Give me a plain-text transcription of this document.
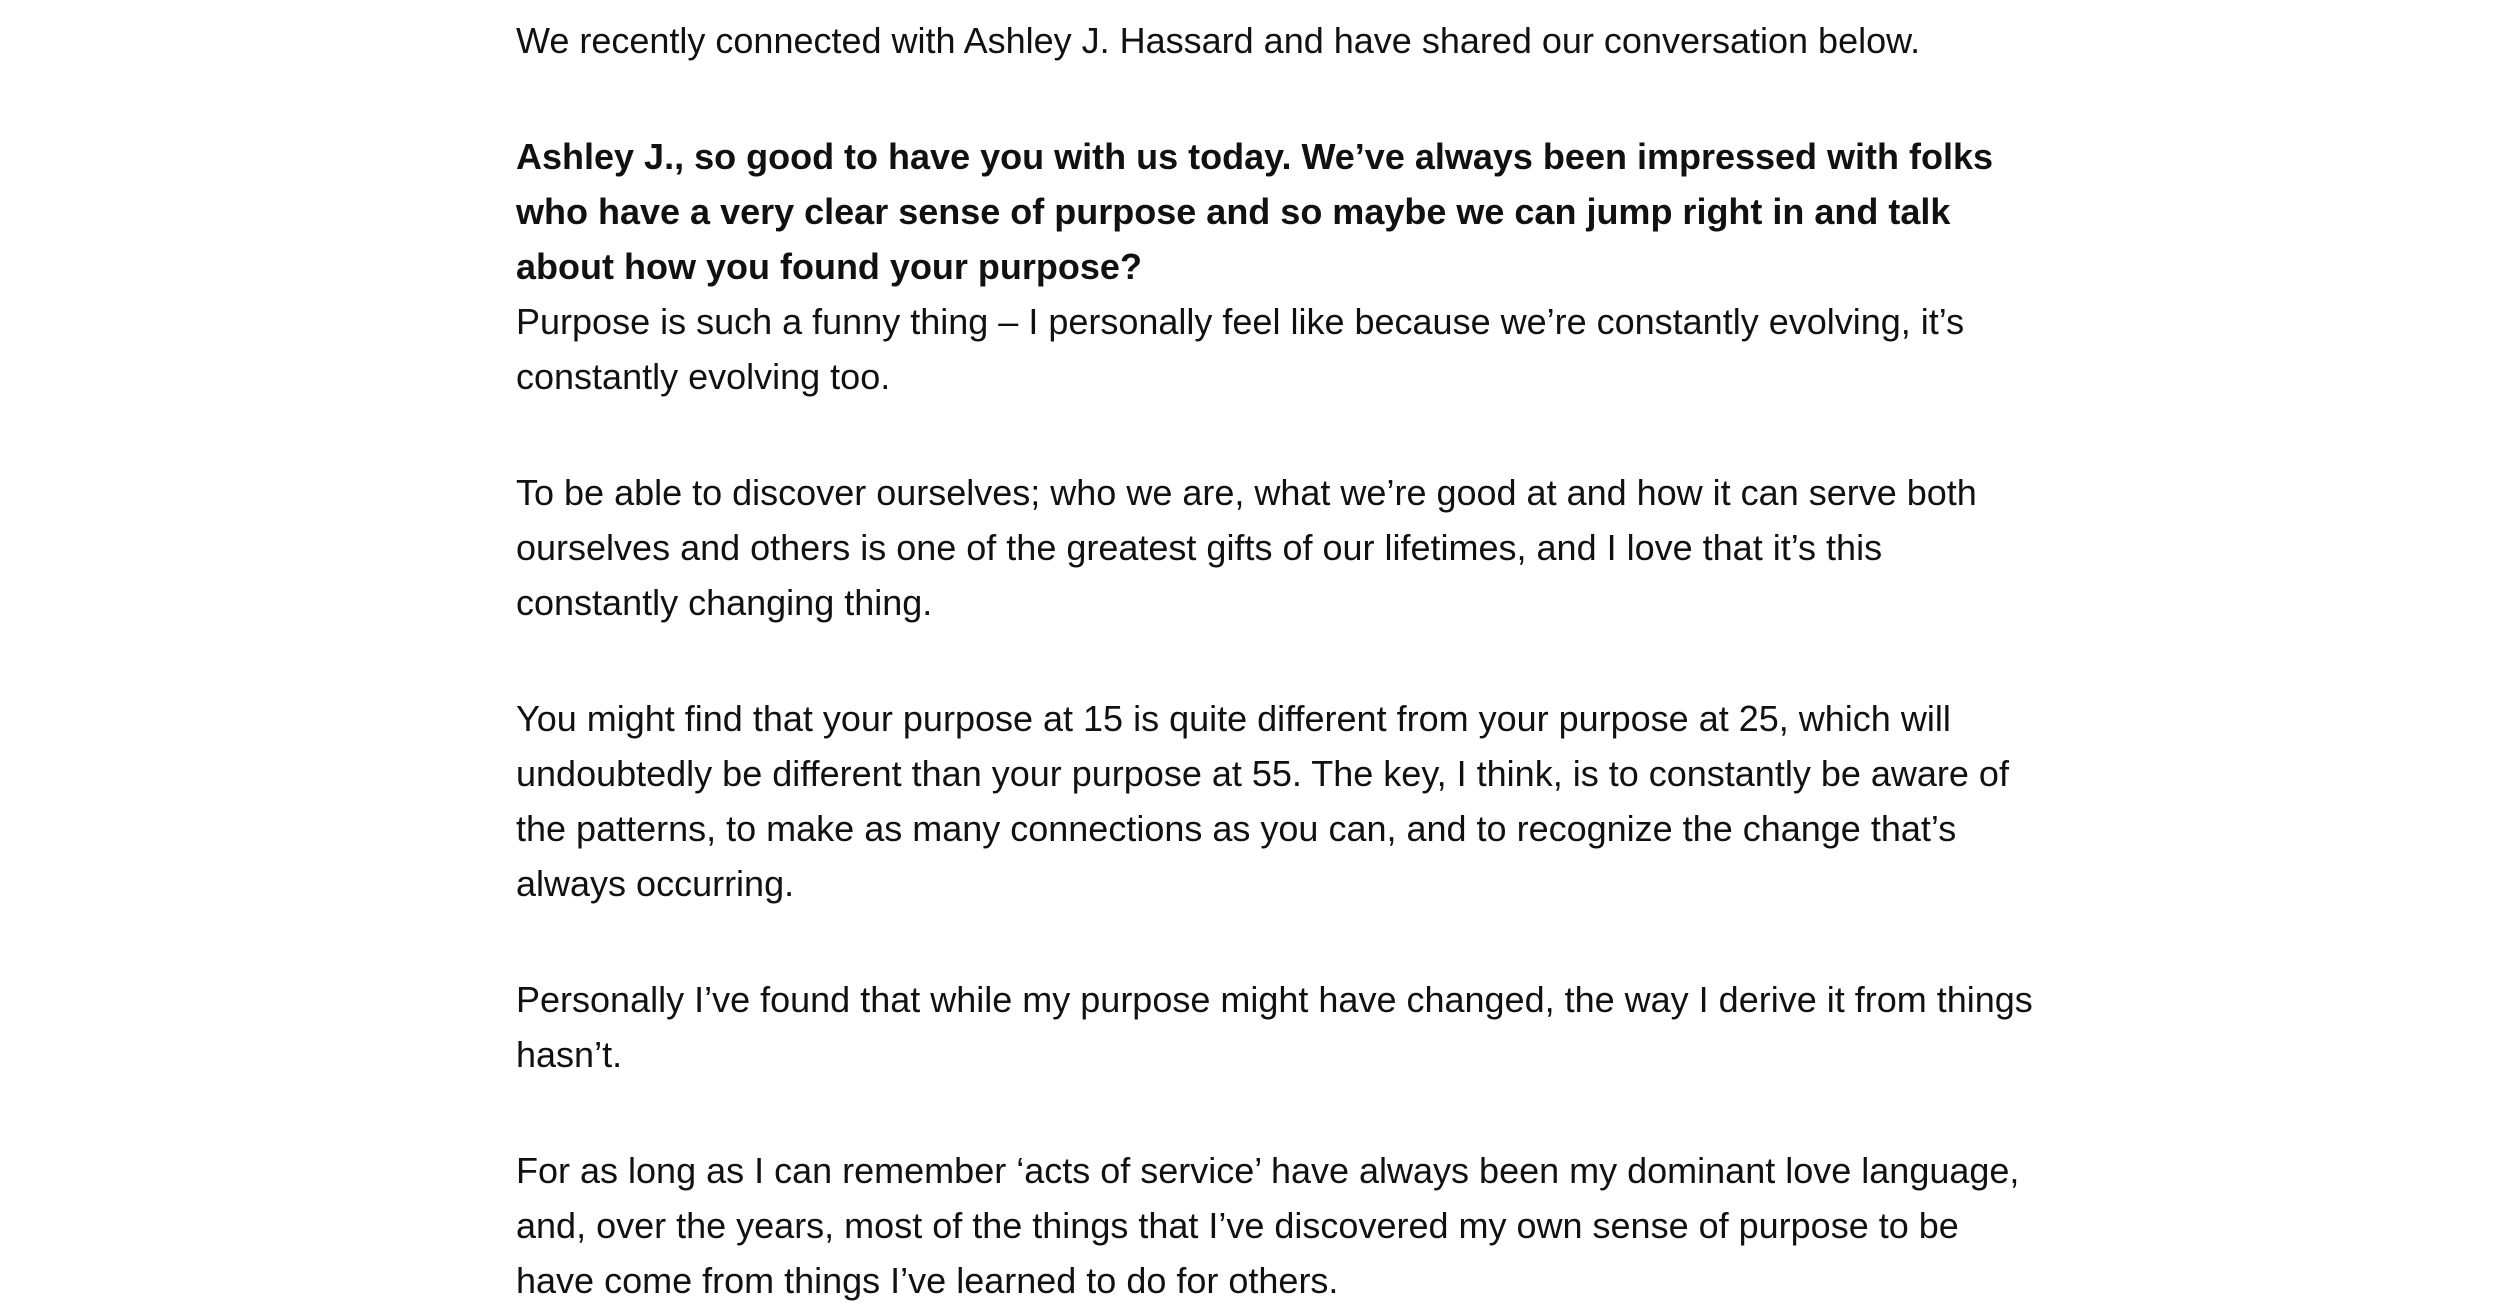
We recently connected with Ashley J. Hassard and have shared our conversation below.

Ashley J., so good to have you with us today. We’ve always been impressed with folks who have a very clear sense of purpose and so maybe we can jump right in and talk about how you found your purpose?

Purpose is such a funny thing – I personally feel like because we’re constantly evolving, it’s constantly evolving too.

To be able to discover ourselves; who we are, what we’re good at and how it can serve both ourselves and others is one of the greatest gifts of our lifetimes, and I love that it’s this constantly changing thing.

You might find that your purpose at 15 is quite different from your purpose at 25, which will undoubtedly be different than your purpose at 55. The key, I think, is to constantly be aware of the patterns, to make as many connections as you can, and to recognize the change that’s always occurring.

Personally I’ve found that while my purpose might have changed, the way I derive it from things hasn’t.

For as long as I can remember ‘acts of service’ have always been my dominant love language, and, over the years, most of the things that I’ve discovered my own sense of purpose to be have come from things I’ve learned to do for others.
